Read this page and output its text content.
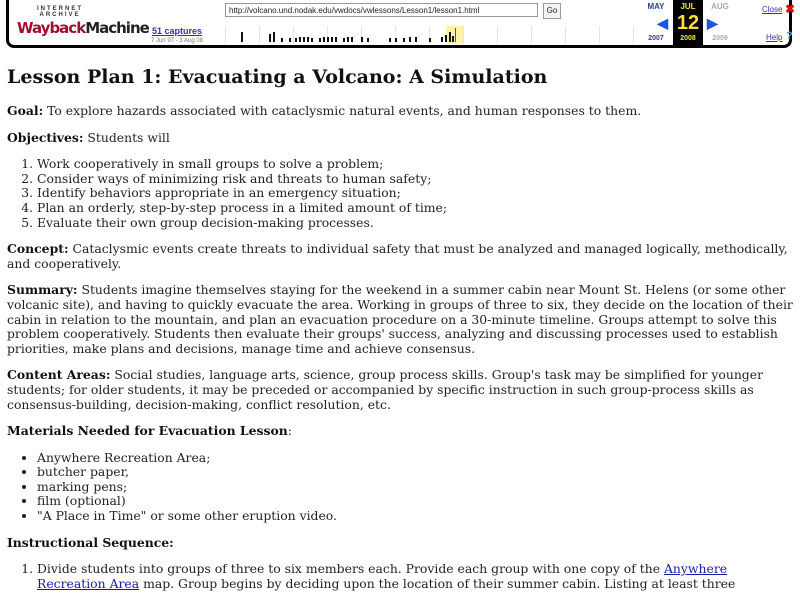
INTERNET ARCHIVE
WaybackMachine 51 captures
7 Jun 97 - 3 Aug 08
http://volcano.und.nodak.edu/vwdocs/vwlessons/Lesson1/lesson1.html	Go	MAY
◀
2007
JUL
12
2008
AUG
▶
2009
Close ✖
Help ?
Lesson Plan 1: Evacuating a Volcano: A Simulation

Goal: To explore hazards associated with cataclysmic natural events, and human responses to them.

Objectives: Students will

1. Work cooperatively in small groups to solve a problem;
2. Consider ways of minimizing risk and threats to human safety;
3. Identify behaviors appropriate in an emergency situation;
4. Plan an orderly, step-by-step process in a limited amount of time;
5. Evaluate their own group decision-making processes.

Concept: Cataclysmic events create threats to individual safety that must be analyzed and managed logically, methodically, and cooperatively.

Summary: Students imagine themselves staying for the weekend in a summer cabin near Mount St. Helens (or some other volcanic site), and having to quickly evacuate the area. Working in groups of three to six, they decide on the location of their cabin in relation to the mountain, and plan an evacuation procedure on a 30-minute timeline. Groups attempt to solve this problem cooperatively. Students then evaluate their groups' success, analyzing and discussing processes used to establish priorities, make plans and decisions, manage time and achieve consensus.

Content Areas: Social studies, language arts, science, group process skills. Group's task may be simplified for younger students; for older students, it may be preceded or accompanied by specific instruction in such group-process skills as consensus-building, decision-making, conflict resolution, etc.

Materials Needed for Evacuation Lesson:

• Anywhere Recreation Area;
• butcher paper,
• marking pens;
• film (optional)
• "A Place in Time" or some other eruption video.

Instructional Sequence:

1. Divide students into groups of three to six members each. Provide each group with one copy of the Anywhere Recreation Area map. Group begins by deciding upon the location of their summer cabin. Listing at least three
